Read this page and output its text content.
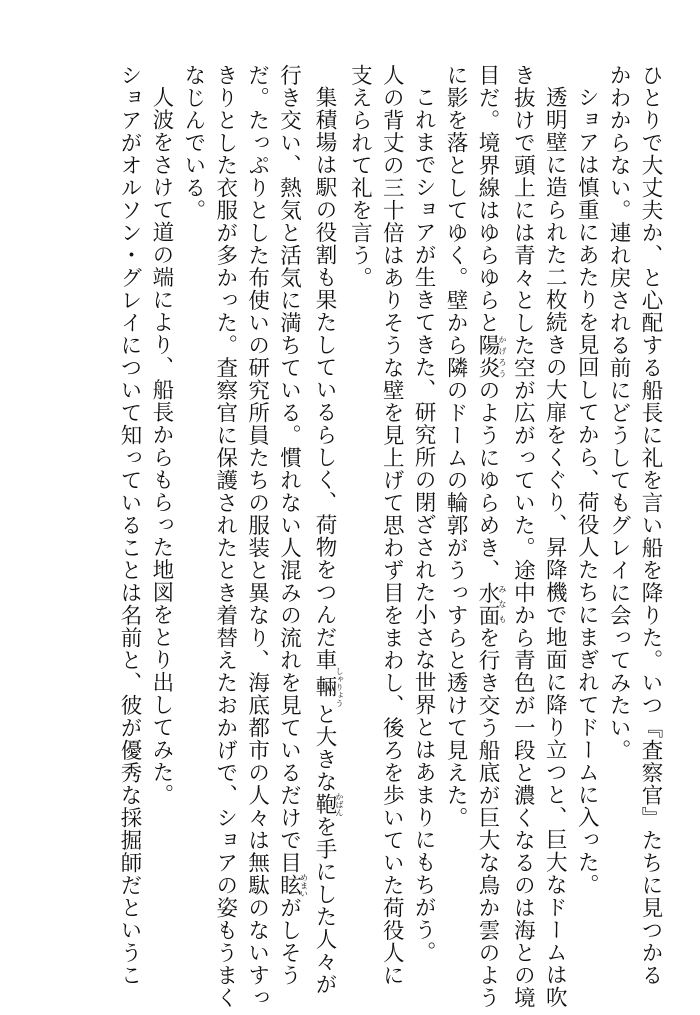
ひとりで大丈夫か、と心配する船長に礼を言い船を降りた。いつ『査察官』たちに見つかる

かわからない。連れ戻される前にどうしてもグレイに会ってみたい。

ショアは慎重にあたりを見回してから、荷役人たちにまぎれてドームに入った。

透明壁に造られた二枚続きの大扉をくぐり、昇降機で地面に降り立つと、巨大なドームは吹

き抜けで頭上には青々とした空が広がっていた。途中から青色が一段と濃くなるのは海との境

目だ。境界線はゆらゆらと陽炎かげろうのようにゆらめき、水面みなもを行き交う船底が巨大な鳥か雲のよう

に影を落としてゆく。壁から隣のドームの輪郭がうっすらと透けて見えた。

これまでショアが生きてきた、研究所の閉ざされた小さな世界とはあまりにもちがう。

人の背丈の三十倍はありそうな壁を見上げて思わず目をまわし、後ろを歩いていた荷役人に

支えられて礼を言う。

集積場は駅の役割も果たしているらしく、荷物をつんだ車輛しゃりょうと大きな鞄かばんを手にした人々が

行き交い、熱気と活気に満ちている。慣れない人混みの流れを見ているだけで目眩めまいがしそう

だ。たっぷりとした布使いの研究所員たちの服装と異なり、海底都市の人々は無駄のないすっ

きりとした衣服が多かった。査察官に保護されたとき着替えたおかげで、ショアの姿もうまく

なじんでいる。

人波をさけて道の端により、船長からもらった地図をとり出してみた。

ショアがオルソン・グレイについて知っていることは名前と、彼が優秀な採掘師だというこ
